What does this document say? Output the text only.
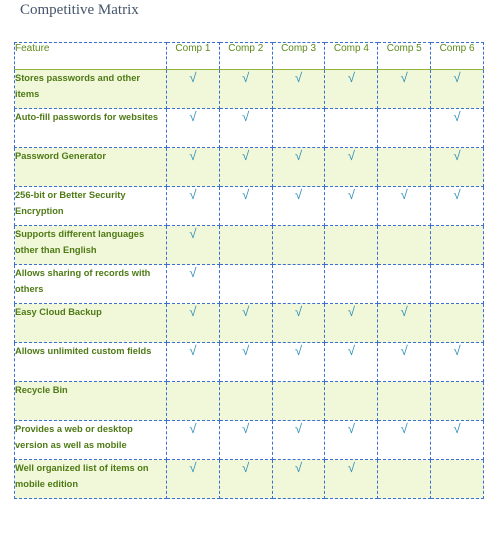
Competitive Matrix
Feature	Comp 1	Comp 2	Comp 3	Comp 4	Comp 5	Comp 6
Stores passwords and other items	√	√	√	√	√	√
Auto-fill passwords for websites	√	√				√
Password Generator	√	√	√	√		√
256-bit or Better Security Encryption	√	√	√	√	√	√
Supports different languages other than English	√					
Allows sharing of records with others	√					
Easy Cloud Backup	√	√	√	√	√	
Allows unlimited custom fields	√	√	√	√	√	√
Recycle Bin						
Provides a web or desktop version as well as mobile	√	√	√	√	√	√
Well organized list of items on mobile edition	√	√	√	√		
